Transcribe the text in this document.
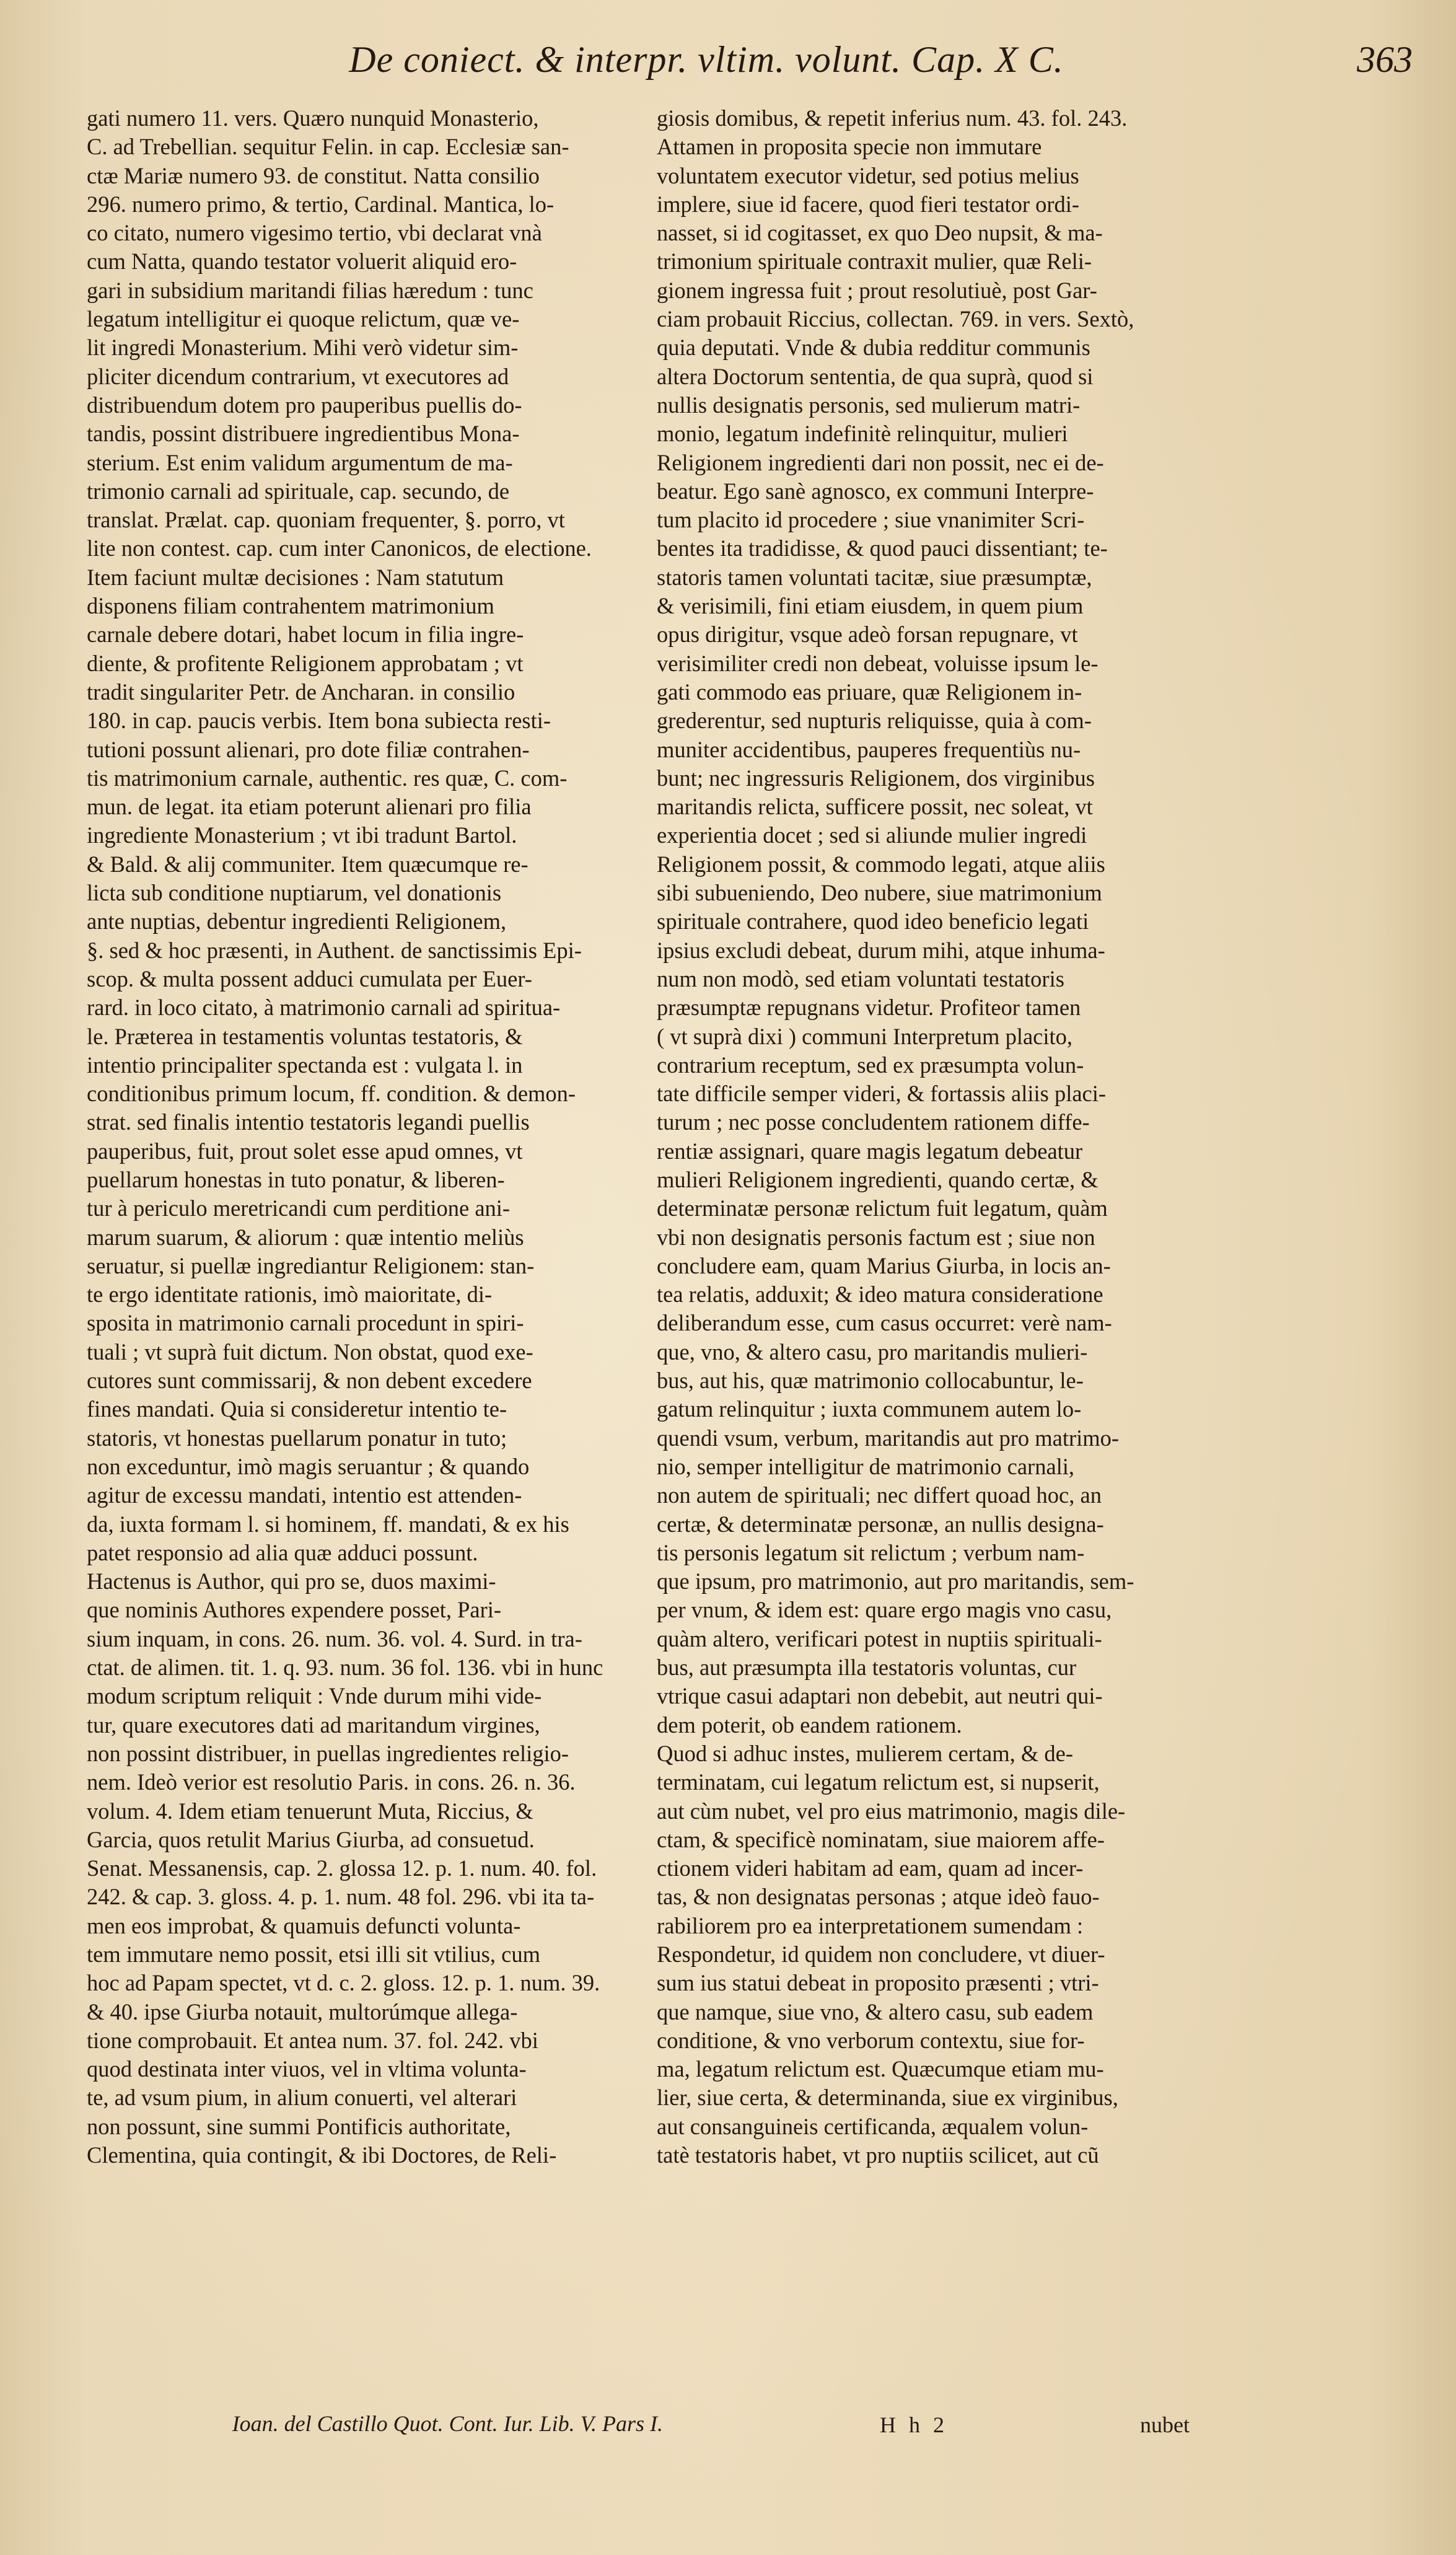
De coniect. & interpr. vltim. volunt. Cap. X C.	363
gati numero 11. vers. Quæro nunquid Monasterio,
C. ad Trebellian. sequitur Felin. in cap. Ecclesiæ san-
ctæ Mariæ numero 93. de constitut. Natta consilio
296. numero primo, & tertio, Cardinal. Mantica, lo-
co citato, numero vigesimo tertio, vbi declarat vnà
cum Natta, quando testator voluerit aliquid ero-
gari in subsidium maritandi filias hæredum : tunc
legatum intelligitur ei quoque relictum, quæ ve-
lit ingredi Monasterium. Mihi verò videtur sim-
pliciter dicendum contrarium, vt executores ad
distribuendum dotem pro pauperibus puellis do-
tandis, possint distribuere ingredientibus Mona-
sterium. Est enim validum argumentum de ma-
trimonio carnali ad spirituale, cap. secundo, de
translat. Prælat. cap. quoniam frequenter, §. porro, vt
lite non contest. cap. cum inter Canonicos, de electione.
Item faciunt multæ decisiones : Nam statutum
disponens filiam contrahentem matrimonium
carnale debere dotari, habet locum in filia ingre-
diente, & profitente Religionem approbatam ; vt
tradit singulariter Petr. de Ancharan. in consilio
180. in cap. paucis verbis. Item bona subiecta resti-
tutioni possunt alienari, pro dote filiæ contrahen-
tis matrimonium carnale, authentic. res quæ, C. com-
mun. de legat. ita etiam poterunt alienari pro filia
ingrediente Monasterium ; vt ibi tradunt Bartol.
& Bald. & alij communiter. Item quæcumque re-
licta sub conditione nuptiarum, vel donationis
ante nuptias, debentur ingredienti Religionem,
§. sed & hoc præsenti, in Authent. de sanctissimis Epi-
scop. & multa possent adduci cumulata per Euer-
rard. in loco citato, à matrimonio carnali ad spiritua-
le. Præterea in testamentis voluntas testatoris, &
intentio principaliter spectanda est : vulgata l. in
conditionibus primum locum, ff. condition. & demon-
strat. sed finalis intentio testatoris legandi puellis
pauperibus, fuit, prout solet esse apud omnes, vt
puellarum honestas in tuto ponatur, & liberen-
tur à periculo meretricandi cum perditione ani-
marum suarum, & aliorum : quæ intentio meliùs
seruatur, si puellæ ingrediantur Religionem: stan-
te ergo identitate rationis, imò maioritate, di-
sposita in matrimonio carnali procedunt in spiri-
tuali ; vt suprà fuit dictum. Non obstat, quod exe-
cutores sunt commissarij, & non debent excedere
fines mandati. Quia si consideretur intentio te-
statoris, vt honestas puellarum ponatur in tuto;
non exceduntur, imò magis seruantur ; & quando
agitur de excessu mandati, intentio est attenden-
da, iuxta formam l. si hominem, ff. mandati, & ex his
patet responsio ad alia quæ adduci possunt.
Hactenus is Author, qui pro se, duos maximi-
que nominis Authores expendere posset, Pari-
sium inquam, in cons. 26. num. 36. vol. 4. Surd. in tra-
ctat. de alimen. tit. 1. q. 93. num. 36 fol. 136. vbi in hunc
modum scriptum reliquit : Vnde durum mihi vide-
tur, quare executores dati ad maritandum virgines,
non possint distribuer, in puellas ingredientes religio-
nem. Ideò verior est resolutio Paris. in cons. 26. n. 36.
volum. 4. Idem etiam tenuerunt Muta, Riccius, &
Garcia, quos retulit Marius Giurba, ad consuetud.
Senat. Messanensis, cap. 2. glossa 12. p. 1. num. 40. fol.
242. & cap. 3. gloss. 4. p. 1. num. 48 fol. 296. vbi ita ta-
men eos improbat, & quamuis defuncti volunta-
tem immutare nemo possit, etsi illi sit vtilius, cum
hoc ad Papam spectet, vt d. c. 2. gloss. 12. p. 1. num. 39.
& 40. ipse Giurba notauit, multorúmque allega-
tione comprobauit. Et antea num. 37. fol. 242. vbi
quod destinata inter viuos, vel in vltima volunta-
te, ad vsum pium, in alium conuerti, vel alterari
non possunt, sine summi Pontificis authoritate,
Clementina, quia contingit, & ibi Doctores, de Reli-
giosis domibus, & repetit inferius num. 43. fol. 243.
Attamen in proposita specie non immutare
voluntatem executor videtur, sed potius melius
implere, siue id facere, quod fieri testator ordi-
nasset, si id cogitasset, ex quo Deo nupsit, & ma-
trimonium spirituale contraxit mulier, quæ Reli-
gionem ingressa fuit ; prout resolutiuè, post Gar-
ciam probauit Riccius, collectan. 769. in vers. Sextò,
quia deputati. Vnde & dubia redditur communis
altera Doctorum sententia, de qua suprà, quod si
nullis designatis personis, sed mulierum matri-
monio, legatum indefinitè relinquitur, mulieri
Religionem ingredienti dari non possit, nec ei de-
beatur. Ego sanè agnosco, ex communi Interpre-
tum placito id procedere ; siue vnanimiter Scri-
bentes ita tradidisse, & quod pauci dissentiant; te-
statoris tamen voluntati tacitæ, siue præsumptæ,
& verisimili, fini etiam eiusdem, in quem pium
opus dirigitur, vsque adeò forsan repugnare, vt
verisimiliter credi non debeat, voluisse ipsum le-
gati commodo eas priuare, quæ Religionem in-
grederentur, sed nupturis reliquisse, quia à com-
muniter accidentibus, pauperes frequentiùs nu-
bunt; nec ingressuris Religionem, dos virginibus
maritandis relicta, sufficere possit, nec soleat, vt
experientia docet ; sed si aliunde mulier ingredi
Religionem possit, & commodo legati, atque aliis
sibi subueniendo, Deo nubere, siue matrimonium
spirituale contrahere, quod ideo beneficio legati
ipsius excludi debeat, durum mihi, atque inhuma-
num non modò, sed etiam voluntati testatoris
præsumptæ repugnans videtur. Profiteor tamen
( vt suprà dixi ) communi Interpretum placito,
contrarium receptum, sed ex præsumpta volun-
tate difficile semper videri, & fortassis aliis placi-
turum ; nec posse concludentem rationem diffe-
rentiæ assignari, quare magis legatum debeatur
mulieri Religionem ingredienti, quando certæ, &
determinatæ personæ relictum fuit legatum, quàm
vbi non designatis personis factum est ; siue non
concludere eam, quam Marius Giurba, in locis an-
tea relatis, adduxit; & ideo matura consideratione
deliberandum esse, cum casus occurret: verè nam-
que, vno, & altero casu, pro maritandis mulieri-
bus, aut his, quæ matrimonio collocabuntur, le-
gatum relinquitur ; iuxta communem autem lo-
quendi vsum, verbum, maritandis aut pro matrimo-
nio, semper intelligitur de matrimonio carnali,
non autem de spirituali; nec differt quoad hoc, an
certæ, & determinatæ personæ, an nullis designa-
tis personis legatum sit relictum ; verbum nam-
que ipsum, pro matrimonio, aut pro maritandis, sem-
per vnum, & idem est: quare ergo magis vno casu,
quàm altero, verificari potest in nuptiis spirituali-
bus, aut præsumpta illa testatoris voluntas, cur
vtrique casui adaptari non debebit, aut neutri qui-
dem poterit, ob eandem rationem.
Quod si adhuc instes, mulierem certam, & de-
terminatam, cui legatum relictum est, si nupserit,
aut cùm nubet, vel pro eius matrimonio, magis dile-
ctam, & specificè nominatam, siue maiorem affe-
ctionem videri habitam ad eam, quam ad incer-
tas, & non designatas personas ; atque ideò fauo-
rabiliorem pro ea interpretationem sumendam :
Respondetur, id quidem non concludere, vt diuer-
sum ius statui debeat in proposito præsenti ; vtri-
que namque, siue vno, & altero casu, sub eadem
conditione, & vno verborum contextu, siue for-
ma, legatum relictum est. Quæcumque etiam mu-
lier, siue certa, & determinanda, siue ex virginibus,
aut consanguineis certificanda, æqualem volun-
tatè testatoris habet, vt pro nuptiis scilicet, aut cũ
Ioan. del Castillo Quot. Cont. Iur. Lib. V. Pars I.	H h 2	nubet
